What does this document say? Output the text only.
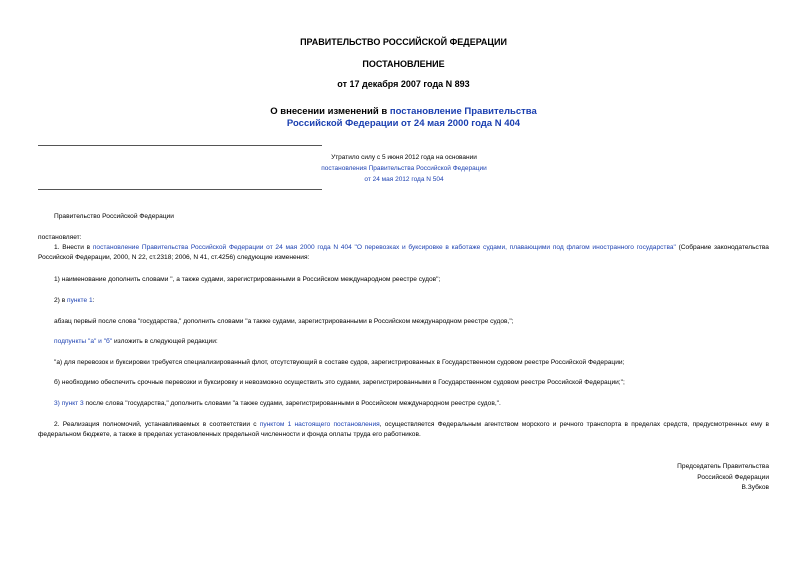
ПРАВИТЕЛЬСТВО РОССИЙСКОЙ ФЕДЕРАЦИИ
ПОСТАНОВЛЕНИЕ
от 17 декабря 2007 года N 893
О внесении изменений в постановление Правительства
Российской Федерации от 24 мая 2000 года N 404
Утратило силу с 5 июня 2012 года на основании
постановления Правительства Российской Федерации
от 24 мая 2012 года N 504
Правительство Российской Федерации
постановляет:
1. Внести в постановление Правительства Российской Федерации от 24 мая 2000 года N 404 "О перевозках и буксировке в каботаже судами, плавающими под флагом иностранного государства" (Собрание законодательства Российской Федерации, 2000, N 22, ст.2318; 2006, N 41, ст.4256) следующие изменения:
1) наименование дополнить словами ", а также судами, зарегистрированными в Российском международном реестре судов";
2) в пункте 1:
абзац первый после слова "государства," дополнить словами "а также судами, зарегистрированными в Российском международном реестре судов,";
подпункты "а" и "б" изложить в следующей редакции:
"а) для перевозок и буксировки требуется специализированный флот, отсутствующий в составе судов, зарегистрированных в Государственном судовом реестре Российской Федерации;
б) необходимо обеспечить срочные перевозки и буксировку и невозможно осуществить это судами, зарегистрированными в Государственном судовом реестре Российской Федерации;";
3) пункт 3 после слова "государства," дополнить словами "а также судами, зарегистрированными в Российском международном реестре судов,".
2. Реализация полномочий, устанавливаемых в соответствии с пунктом 1 настоящего постановления, осуществляется Федеральным агентством морского и речного транспорта в пределах средств, предусмотренных ему в федеральном бюджете, а также в пределах установленных предельной численности и фонда оплаты труда его работников.
Председатель Правительства
Российской Федерации
В.Зубков
